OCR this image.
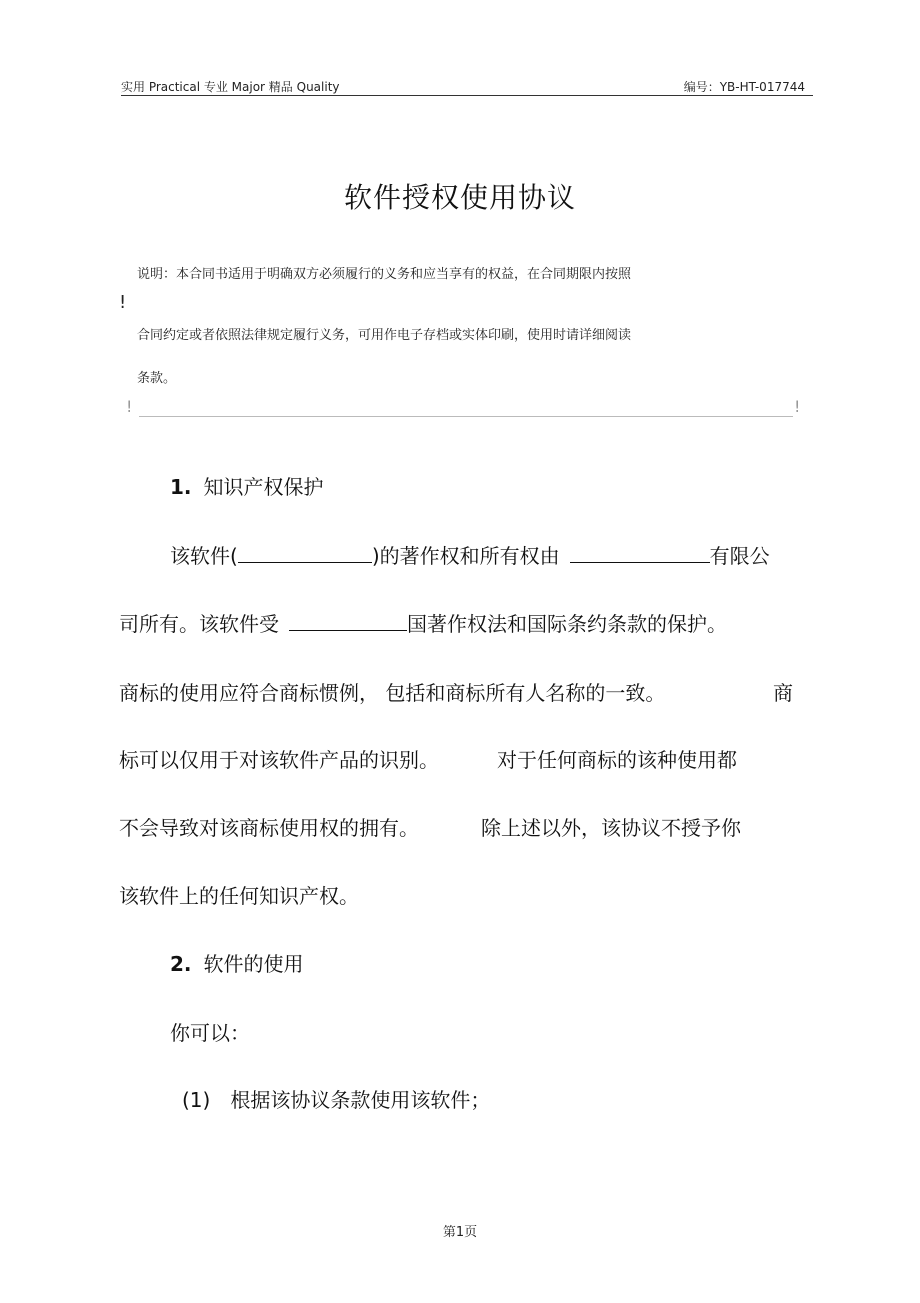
实用 Practical 专业 Major 精品 Quality	编号：YB-HT-017744
软件授权使用协议
说明：本合同书适用于明确双方必须履行的义务和应当享有的权益，在合同期限内按照
!
合同约定或者依照法律规定履行义务，可用作电子存档或实体印刷，使用时请详细阅读
条款。
!	!
1. 知识产权保护
该软件(	)的著作权和所有权由	有限公
司所有。该软件受	国著作权法和国际条约条款的保护。
商标的使用应符合商标惯例， 包括和商标所有人名称的一致。	商
标可以仅用于对该软件产品的识别。	对于任何商标的该种使用都
不会导致对该商标使用权的拥有。	除上述以外，该协议不授予你
该软件上的任何知识产权。
2. 软件的使用
你可以：
(1) 根据该协议条款使用该软件；
第1页
